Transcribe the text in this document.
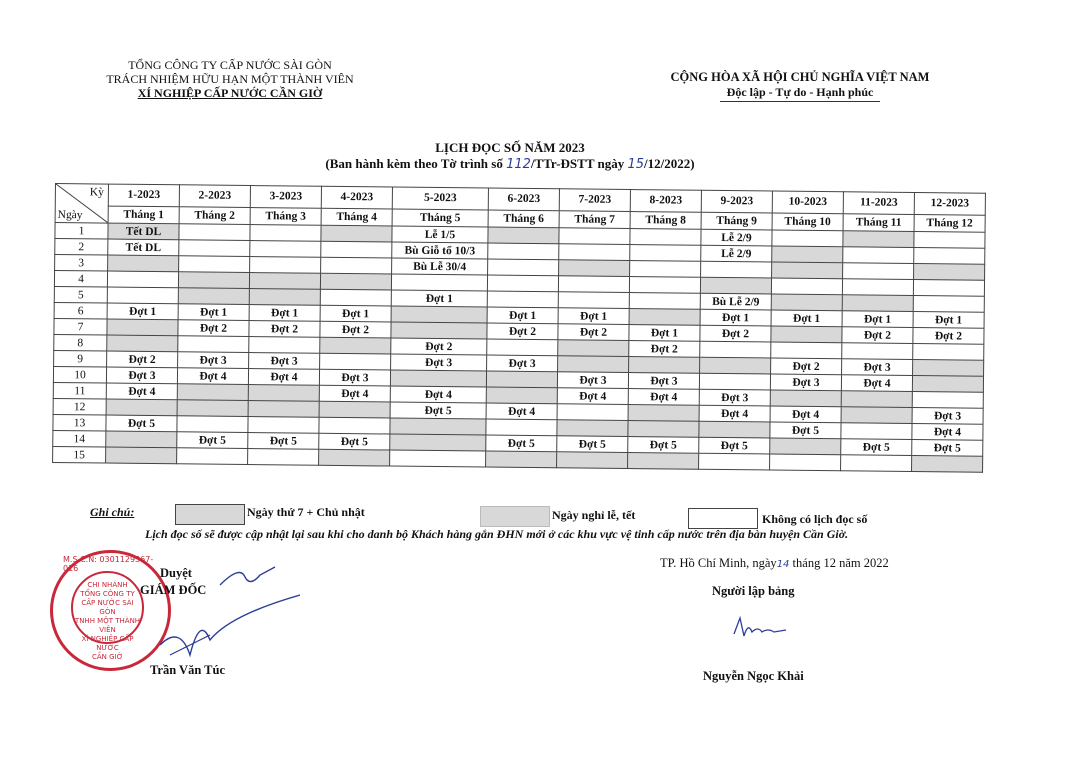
TỔNG CÔNG TY CẤP NƯỚC SÀI GÒN
TRÁCH NHIỆM HỮU HẠN MỘT THÀNH VIÊN
XÍ NGHIỆP CẤP NƯỚC CẦN GIỜ
CỘNG HÒA XÃ HỘI CHỦ NGHĨA VIỆT NAM
Độc lập - Tự do - Hạnh phúc
LỊCH ĐỌC SỐ NĂM 2023
(Ban hành kèm theo Tờ trình số 112/TTr-ĐSTT ngày 15/12/2022)
Kỳ
Ngày	1-2023	2-2023	3-2023	4-2023	5-2023	6-2023	7-2023	8-2023	9-2023	10-2023	11-2023	12-2023
	Tháng 1	Tháng 2	Tháng 3	Tháng 4	Tháng 5	Tháng 6	Tháng 7	Tháng 8	Tháng 9	Tháng 10	Tháng 11	Tháng 12
1	Tết DL				Lễ 1/5				Lễ 2/9			
2	Tết DL				Bù Giỗ tổ 10/3				Lễ 2/9			
3					Bù Lễ 30/4							
4												
5					Đợt 1				Bù Lễ 2/9			
6	Đợt 1	Đợt 1	Đợt 1	Đợt 1		Đợt 1	Đợt 1		Đợt 1	Đợt 1	Đợt 1	Đợt 1
7		Đợt 2	Đợt 2	Đợt 2		Đợt 2	Đợt 2	Đợt 1	Đợt 2		Đợt 2	Đợt 2
8					Đợt 2			Đợt 2				
9	Đợt 2	Đợt 3	Đợt 3		Đợt 3	Đợt 3				Đợt 2	Đợt 3	
10	Đợt 3	Đợt 4	Đợt 4	Đợt 3			Đợt 3	Đợt 3		Đợt 3	Đợt 4	
11	Đợt 4			Đợt 4	Đợt 4		Đợt 4	Đợt 4	Đợt 3			
12					Đợt 5	Đợt 4			Đợt 4	Đợt 4		Đợt 3
13	Đợt 5									Đợt 5		Đợt 4
14		Đợt 5	Đợt 5	Đợt 5		Đợt 5	Đợt 5	Đợt 5	Đợt 5		Đợt 5	Đợt 5
15												
Ghi chú:	Ngày thứ 7 + Chủ nhật	Ngày nghỉ lễ, tết	Không có lịch đọc số
Lịch đọc số sẽ được cập nhật lại sau khi cho danh bộ Khách hàng gắn ĐHN mới ở các khu vực vệ tinh cấp nước trên địa bàn huyện Cần Giờ.
TP. Hồ Chí Minh, ngày14 tháng 12 năm 2022
Người lập bảng
Nguyễn Ngọc Khải
M.S.C.N: 0301129367-016
CHI NHÁNH
TỔNG CÔNG TY
CẤP NƯỚC SÀI GÒN
TNHH MỘT THÀNH VIÊN
XÍ NGHIỆP CẤP NƯỚC
CẦN GIỜ
Duyệt
GIÁM ĐỐC
Trần Văn Túc
